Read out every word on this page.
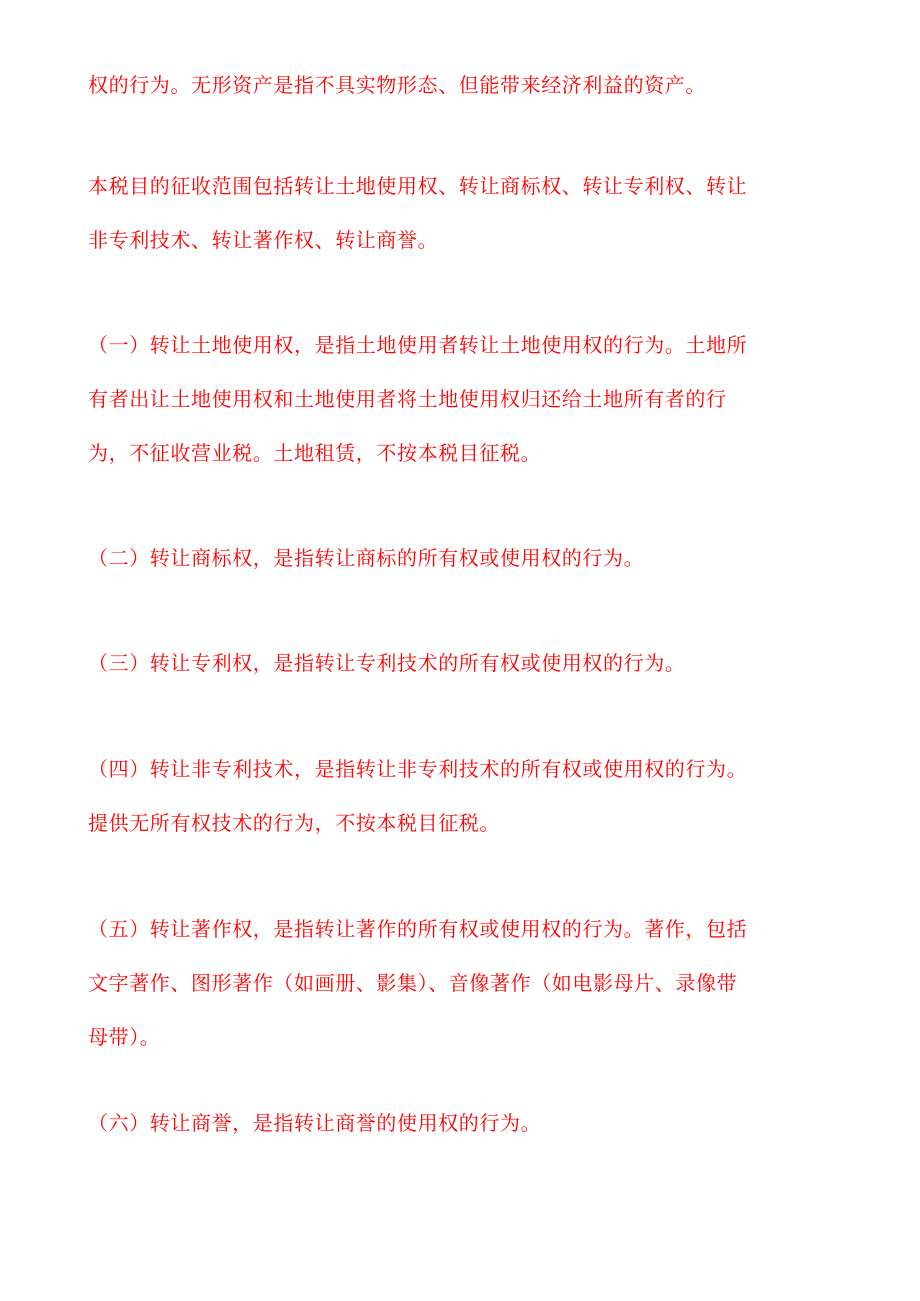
权的行为。无形资产是指不具实物形态、但能带来经济利益的资产。

本税目的征收范围包括转让土地使用权、转让商标权、转让专利权、转让
非专利技术、转让著作权、转让商誉。

（一）转让土地使用权，是指土地使用者转让土地使用权的行为。土地所
有者出让土地使用权和土地使用者将土地使用权归还给土地所有者的行
为，不征收营业税。土地租赁，不按本税目征税。

（二）转让商标权，是指转让商标的所有权或使用权的行为。

（三）转让专利权，是指转让专利技术的所有权或使用权的行为。

（四）转让非专利技术，是指转让非专利技术的所有权或使用权的行为。
提供无所有权技术的行为，不按本税目征税。

（五）转让著作权，是指转让著作的所有权或使用权的行为。著作，包括
文字著作、图形著作（如画册、影集）、音像著作（如电影母片、录像带
母带）。

（六）转让商誉，是指转让商誉的使用权的行为。
